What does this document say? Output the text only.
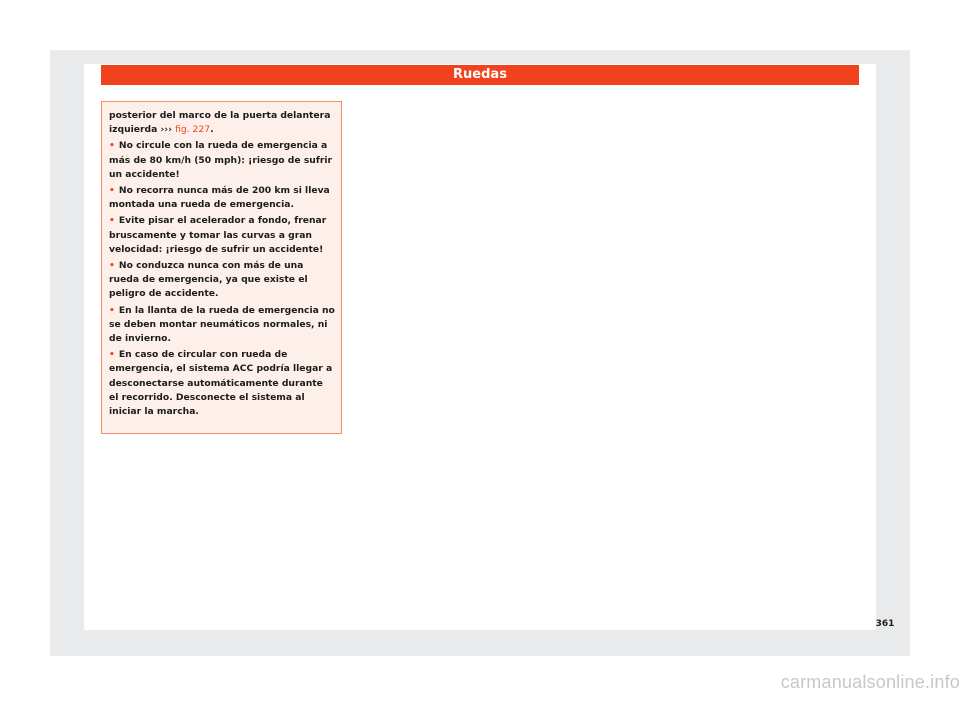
Ruedas

posterior del marco de la puerta delantera izquierda ››› fig. 227.

• No circule con la rueda de emergencia a más de 80 km/h (50 mph): ¡riesgo de sufrir un accidente!

• No recorra nunca más de 200 km si lleva montada una rueda de emergencia.

• Evite pisar el acelerador a fondo, frenar bruscamente y tomar las curvas a gran velocidad: ¡riesgo de sufrir un accidente!

• No conduzca nunca con más de una rueda de emergencia, ya que existe el peligro de accidente.

• En la llanta de la rueda de emergencia no se deben montar neumáticos normales, ni de invierno.

• En caso de circular con rueda de emergencia, el sistema ACC podría llegar a desconectarse automáticamente durante el recorrido. Desconecte el sistema al iniciar la marcha.

361
carmanualsonline.info
